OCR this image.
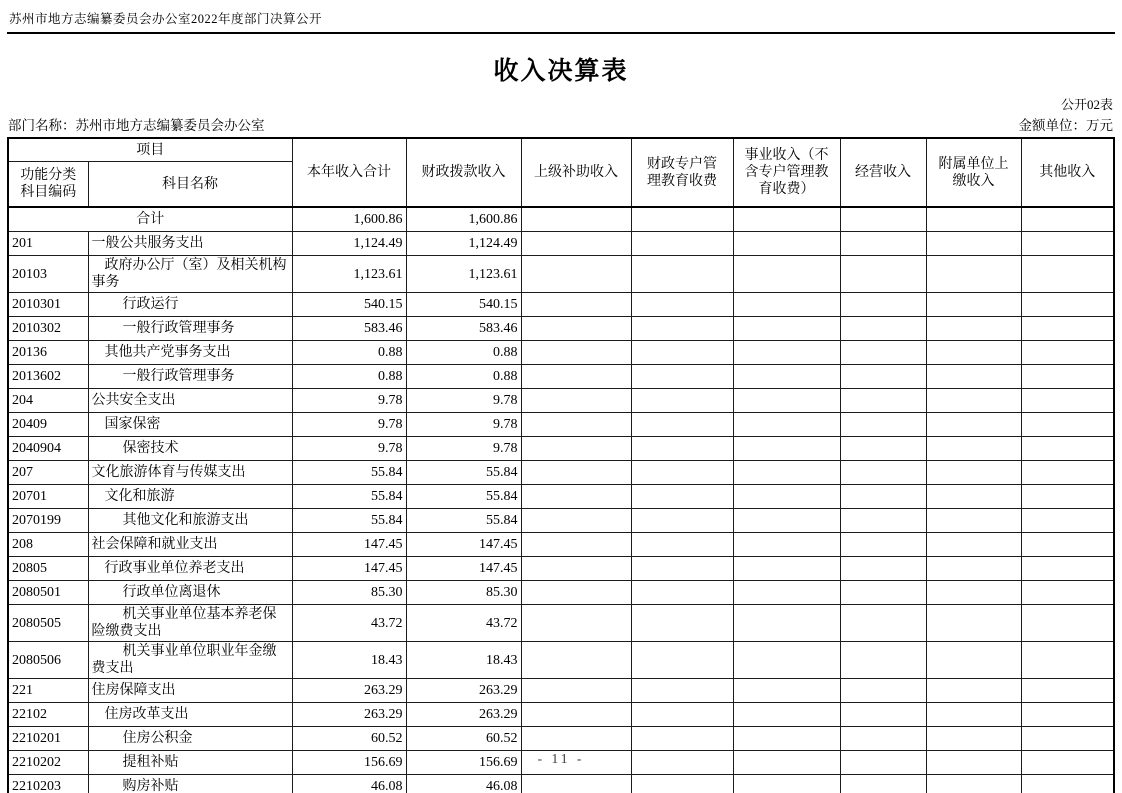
苏州市地方志编纂委员会办公室2022年度部门决算公开
收入决算表
公开02表
部门名称：苏州市地方志编纂委员会办公室	金额单位：万元
项目		本年收入合计	财政拨款收入	上级补助收入	财政专户管理教育收费	事业收入（不含专户管理教育收费）	经营收入	附属单位上缴收入	其他收入
功能分类科目编码	科目名称								
合计		1,600.86	1,600.86						
201	一般公共服务支出	1,124.49	1,124.49						
20103	政府办公厅（室）及相关机构事务	1,123.61	1,123.61						
2010301	行政运行	540.15	540.15						
2010302	一般行政管理事务	583.46	583.46						
20136	其他共产党事务支出	0.88	0.88						
2013602	一般行政管理事务	0.88	0.88						
204	公共安全支出	9.78	9.78						
20409	国家保密	9.78	9.78						
2040904	保密技术	9.78	9.78						
207	文化旅游体育与传媒支出	55.84	55.84						
20701	文化和旅游	55.84	55.84						
2070199	其他文化和旅游支出	55.84	55.84						
208	社会保障和就业支出	147.45	147.45						
20805	行政事业单位养老支出	147.45	147.45						
2080501	行政单位离退休	85.30	85.30						
2080505	机关事业单位基本养老保险缴费支出	43.72	43.72						
2080506	机关事业单位职业年金缴费支出	18.43	18.43						
221	住房保障支出	263.29	263.29						
22102	住房改革支出	263.29	263.29						
2210201	住房公积金	60.52	60.52						
2210202	提租补贴	156.69	156.69						
2210203	购房补贴	46.08	46.08						
- 11 -
